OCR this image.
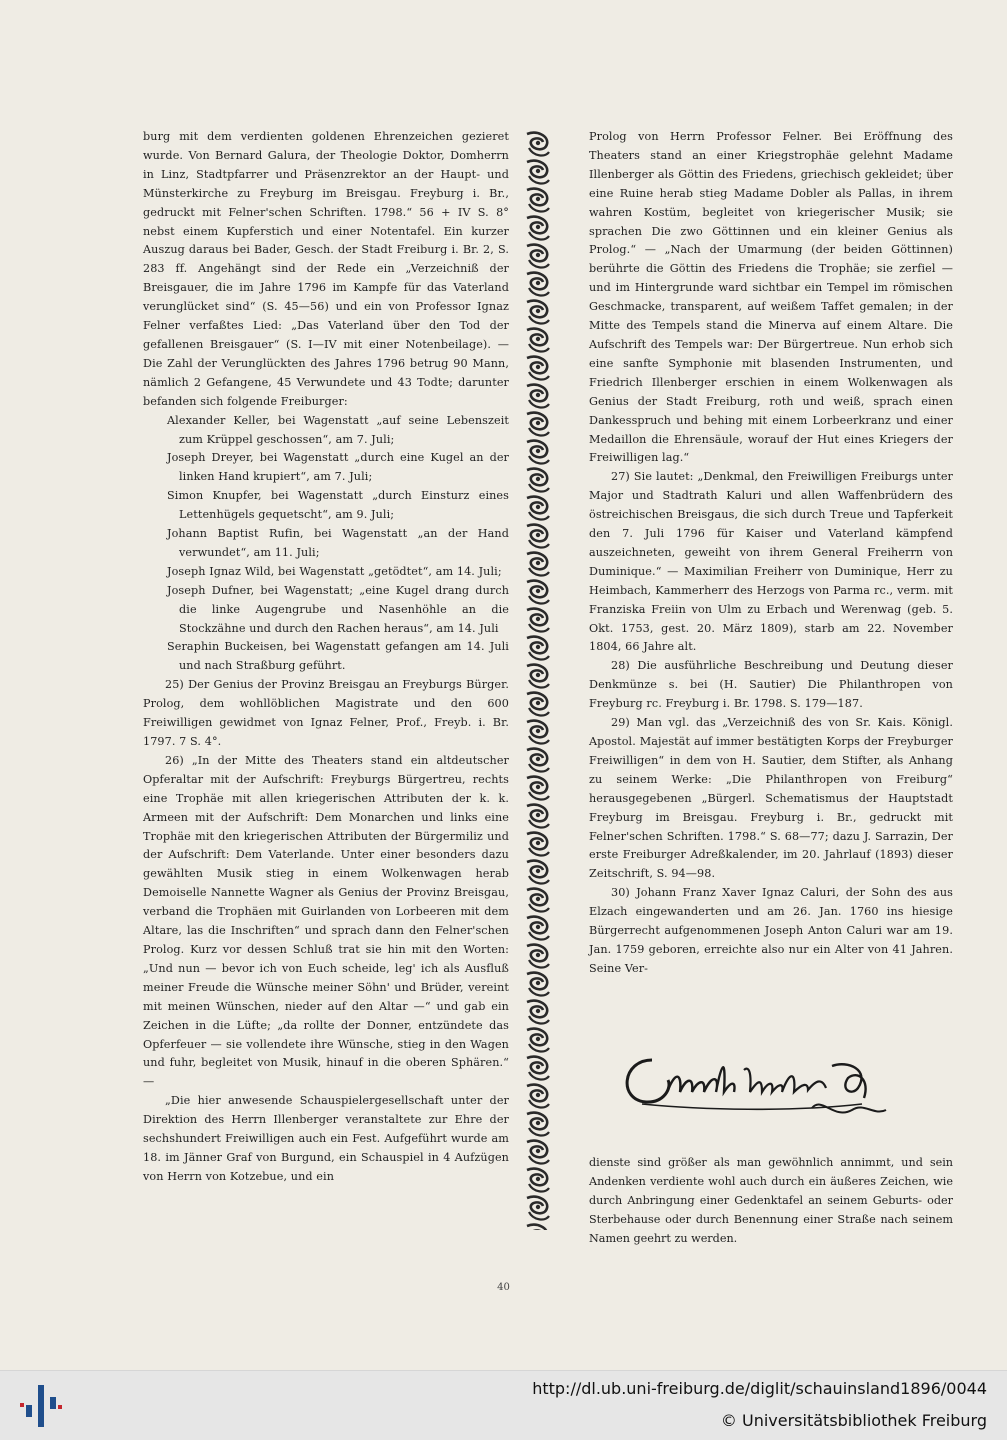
burg mit dem verdienten goldenen Ehrenzeichen gezieret wurde. Von Bernard Galura, der Theologie Doktor, Domherrn in Linz, Stadtpfarrer und Präsenzrektor an der Haupt- und Münsterkirche zu Freyburg im Breisgau. Freyburg i. Br., gedruckt mit Felner'schen Schriften. 1798.“ 56 + IV S. 8° nebst einem Kupferstich und einer Notentafel. Ein kurzer Auszug daraus bei Bader, Gesch. der Stadt Freiburg i. Br. 2, S. 283 ff. Angehängt sind der Rede ein „Verzeichniß der Breisgauer, die im Jahre 1796 im Kampfe für das Vaterland verunglücket sind“ (S. 45—56) und ein von Professor Ignaz Felner verfaßtes Lied: „Das Vaterland über den Tod der gefallenen Breisgauer“ (S. I—IV mit einer Notenbeilage). — Die Zahl der Verunglückten des Jahres 1796 betrug 90 Mann, nämlich 2 Gefangene, 45 Verwundete und 43 Todte; darunter befanden sich folgende Freiburger:

Alexander Keller, bei Wagenstatt „auf seine Lebenszeit zum Krüppel geschossen“, am 7. Juli;

Joseph Dreyer, bei Wagenstatt „durch eine Kugel an der linken Hand krupiert“, am 7. Juli;

Simon Knupfer, bei Wagenstatt „durch Einsturz eines Lettenhügels gequetscht“, am 9. Juli;

Johann Baptist Rufin, bei Wagenstatt „an der Hand verwundet“, am 11. Juli;

Joseph Ignaz Wild, bei Wagenstatt „getödtet“, am 14. Juli;

Joseph Dufner, bei Wagenstatt; „eine Kugel drang durch die linke Augengrube und Nasenhöhle an die Stockzähne und durch den Rachen heraus“, am 14. Juli

Seraphin Buckeisen, bei Wagenstatt gefangen am 14. Juli und nach Straßburg geführt.

25) Der Genius der Provinz Breisgau an Freyburgs Bürger. Prolog, dem wohllöblichen Magistrate und den 600 Freiwilligen gewidmet von Ignaz Felner, Prof., Freyb. i. Br. 1797. 7 S. 4°.

26) „In der Mitte des Theaters stand ein altdeutscher Opferaltar mit der Aufschrift: Freyburgs Bürgertreu, rechts eine Trophäe mit allen kriegerischen Attributen der k. k. Armeen mit der Aufschrift: Dem Monarchen und links eine Trophäe mit den kriegerischen Attributen der Bürgermiliz und der Aufschrift: Dem Vaterlande. Unter einer besonders dazu gewählten Musik stieg in einem Wolkenwagen herab Demoiselle Nannette Wagner als Genius der Provinz Breisgau, verband die Trophäen mit Guirlanden von Lorbeeren mit dem Altare, las die Inschriften“ und sprach dann den Felner'schen Prolog. Kurz vor dessen Schluß trat sie hin mit den Worten: „Und nun — bevor ich von Euch scheide, leg' ich als Ausfluß meiner Freude die Wünsche meiner Söhn' und Brüder, vereint mit meinen Wünschen, nieder auf den Altar —“ und gab ein Zeichen in die Lüfte; „da rollte der Donner, entzündete das Opferfeuer — sie vollendete ihre Wünsche, stieg in den Wagen und fuhr, begleitet von Musik, hinauf in die oberen Sphären.“ —

„Die hier anwesende Schauspielergesellschaft unter der Direktion des Herrn Illenberger veranstaltete zur Ehre der sechshundert Freiwilligen auch ein Fest. Aufgeführt wurde am 18. im Jänner Graf von Burgund, ein Schauspiel in 4 Aufzügen von Herrn von Kotzebue, und ein

Prolog von Herrn Professor Felner. Bei Eröffnung des Theaters stand an einer Kriegstrophäe gelehnt Madame Illenberger als Göttin des Friedens, griechisch gekleidet; über eine Ruine herab stieg Madame Dobler als Pallas, in ihrem wahren Kostüm, begleitet von kriegerischer Musik; sie sprachen Die zwo Göttinnen und ein kleiner Genius als Prolog.“ — „Nach der Umarmung (der beiden Göttinnen) berührte die Göttin des Friedens die Trophäe; sie zerfiel — und im Hintergrunde ward sichtbar ein Tempel im römischen Geschmacke, transparent, auf weißem Taffet gemalen; in der Mitte des Tempels stand die Minerva auf einem Altare. Die Aufschrift des Tempels war: Der Bürgertreue. Nun erhob sich eine sanfte Symphonie mit blasenden Instrumenten, und Friedrich Illenberger erschien in einem Wolkenwagen als Genius der Stadt Freiburg, roth und weiß, sprach einen Dankesspruch und behing mit einem Lorbeerkranz und einer Medaillon die Ehrensäule, worauf der Hut eines Kriegers der Freiwilligen lag.“

27) Sie lautet: „Denkmal, den Freiwilligen Freiburgs unter Major und Stadtrath Kaluri und allen Waffenbrüdern des östreichischen Breisgaus, die sich durch Treue und Tapferkeit den 7. Juli 1796 für Kaiser und Vaterland kämpfend auszeichneten, geweiht von ihrem General Freiherrn von Duminique.“ — Maximilian Freiherr von Duminique, Herr zu Heimbach, Kammerherr des Herzogs von Parma rc., verm. mit Franziska Freiin von Ulm zu Erbach und Werenwag (geb. 5. Okt. 1753, gest. 20. März 1809), starb am 22. November 1804, 66 Jahre alt.

28) Die ausführliche Beschreibung und Deutung dieser Denkmünze s. bei (H. Sautier) Die Philanthropen von Freyburg rc. Freyburg i. Br. 1798. S. 179—187.

29) Man vgl. das „Verzeichniß des von Sr. Kais. Königl. Apostol. Majestät auf immer bestätigten Korps der Freyburger Freiwilligen“ in dem von H. Sautier, dem Stifter, als Anhang zu seinem Werke: „Die Philanthropen von Freiburg“ herausgegebenen „Bürgerl. Schematismus der Hauptstadt Freyburg im Breisgau. Freyburg i. Br., gedruckt mit Felner'schen Schriften. 1798.“ S. 68—77; dazu J. Sarrazin, Der erste Freiburger Adreßkalender, im 20. Jahrlauf (1893) dieser Zeitschrift, S. 94—98.

30) Johann Franz Xaver Ignaz Caluri, der Sohn des aus Elzach eingewanderten und am 26. Jan. 1760 ins hiesige Bürgerrecht aufgenommenen Joseph Anton Caluri war am 19. Jan. 1759 geboren, erreichte also nur ein Alter von 41 Jahren. Seine Ver-

dienste sind größer als man gewöhnlich annimmt, und sein Andenken verdiente wohl auch durch ein äußeres Zeichen, wie durch Anbringung einer Gedenktafel an seinem Geburts- oder Sterbehause oder durch Benennung einer Straße nach seinem Namen geehrt zu werden.

40
http://dl.ub.uni-freiburg.de/diglit/schauinsland1896/0044
© Universitätsbibliothek Freiburg
